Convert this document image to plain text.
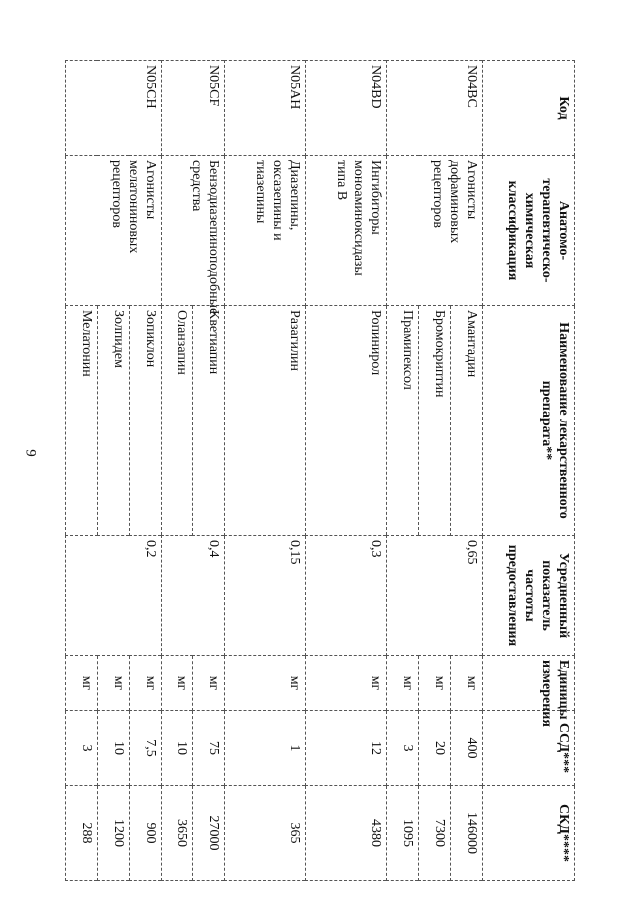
9
Код	Анатомо-терапевтическо-химическая классификация	Наименование лекарственного препарата**	Усредненный показатель частоты предоставления	Единицы измерения	ССД***	СКД****
N04BC	Агонисты дофаминовых рецепторов	Амантадин	0,65	мг	400	146000
		Бромокриптин		мг	20	7300
		Прамипексол		мг	3	1095
N04BD	Ингибиторы моноаминоксидазы типа B	Ропинирол	0,3	мг	12	4380
N05AH	Диазепины, оксазепины и тиазепины	Разагилин	0,15	мг	1	365
N05CF	Бензодиазепиноподобные средства	Кветиапин	0,4	мг	75	27000
		Оланзапин		мг	10	3650
N05CH	Агонисты мелатониновых рецепторов	Зопиклон	0,2	мг	7,5	900
		Золпидем		мг	10	1200
		Мелатонин		мг	3	288
